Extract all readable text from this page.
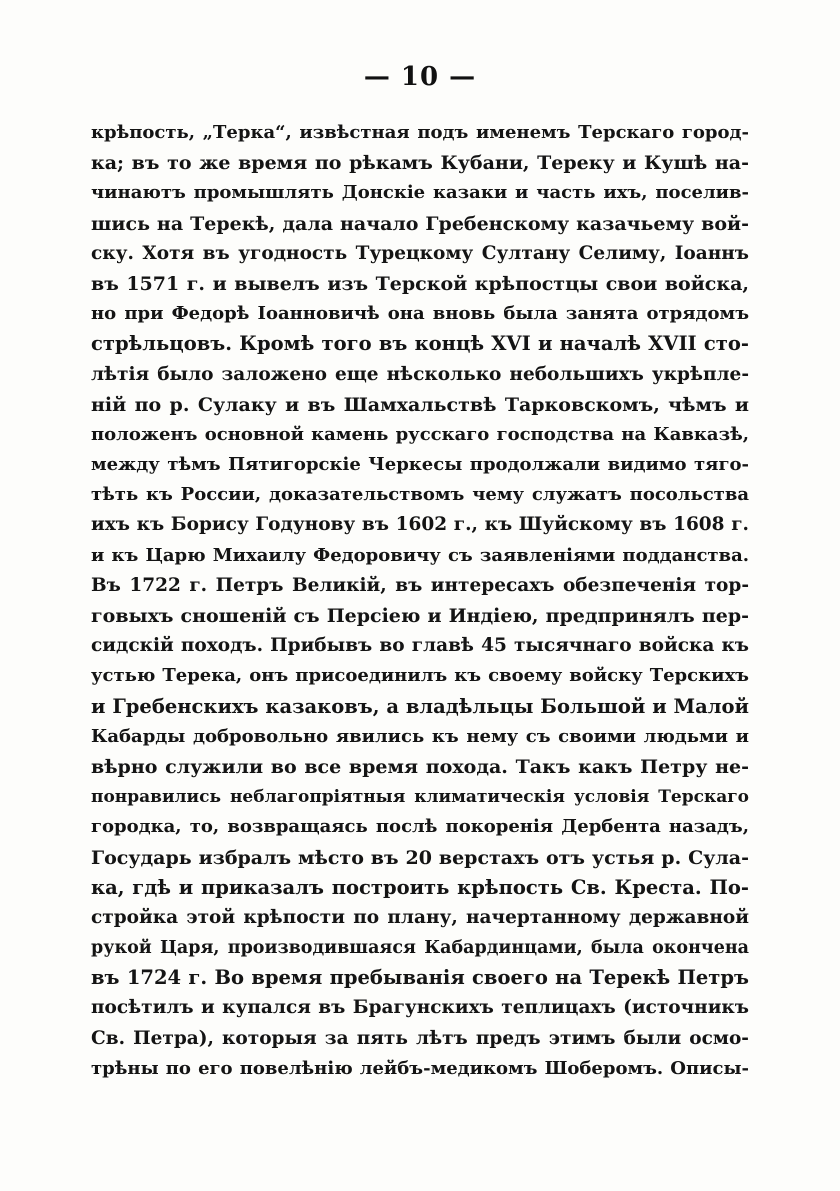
— 10 —
крѣпость, „Терка“, извѣстная подъ именемъ Терскаго город-
ка; въ то же время по рѣкамъ Кубани, Тереку и Кушѣ на-
чинаютъ промышлять Донскіе казаки и часть ихъ, поселив-
шись на Терекѣ, дала начало Гребенскому казачьему вой-
ску. Хотя въ угодность Турецкому Султану Селиму, Іоаннъ
въ 1571 г. и вывелъ изъ Терской крѣпостцы свои войска,
но при Федорѣ Іоанновичѣ она вновь была занята отрядомъ
стрѣльцовъ. Кромѣ того въ концѣ XVI и началѣ XVII сто-
лѣтія было заложено еще нѣсколько небольшихъ укрѣпле-
ній по р. Сулаку и въ Шамхальствѣ Тарковскомъ, чѣмъ и
положенъ основной камень русскаго господства на Кавказѣ,
между тѣмъ Пятигорскіе Черкесы продолжали видимо тяго-
тѣть къ России, доказательствомъ чему служатъ посольства
ихъ къ Борису Годунову въ 1602 г., къ Шуйскому въ 1608 г.
и къ Царю Михаилу Федоровичу съ заявленіями подданства.
Въ 1722 г. Петръ Великій, въ интересахъ обезпеченія тор-
говыхъ сношеній съ Персіею и Индіею, предпринялъ пер-
сидскій походъ. Прибывъ во главѣ 45 тысячнаго войска къ
устью Терека, онъ присоединилъ къ своему войску Терскихъ
и Гребенскихъ казаковъ, а владѣльцы Большой и Малой
Кабарды добровольно явились къ нему съ своими людьми и
вѣрно служили во все время похода. Такъ какъ Петру не-
понравились неблагопріятныя климатическія условія Терскаго
городка, то, возвращаясь послѣ покоренія Дербента назадъ,
Государь избралъ мѣсто въ 20 верстахъ отъ устья р. Сула-
ка, гдѣ и приказалъ построить крѣпость Св. Креста. По-
стройка этой крѣпости по плану, начертанному державной
рукой Царя, производившаяся Кабардинцами, была окончена
въ 1724 г. Во время пребыванія своего на Терекѣ Петръ
посѣтилъ и купался въ Брагунскихъ теплицахъ (источникъ
Св. Петра), которыя за пять лѣтъ предъ этимъ были осмо-
трѣны по его повелѣнію лейбъ-медикомъ Шоберомъ. Описы-
